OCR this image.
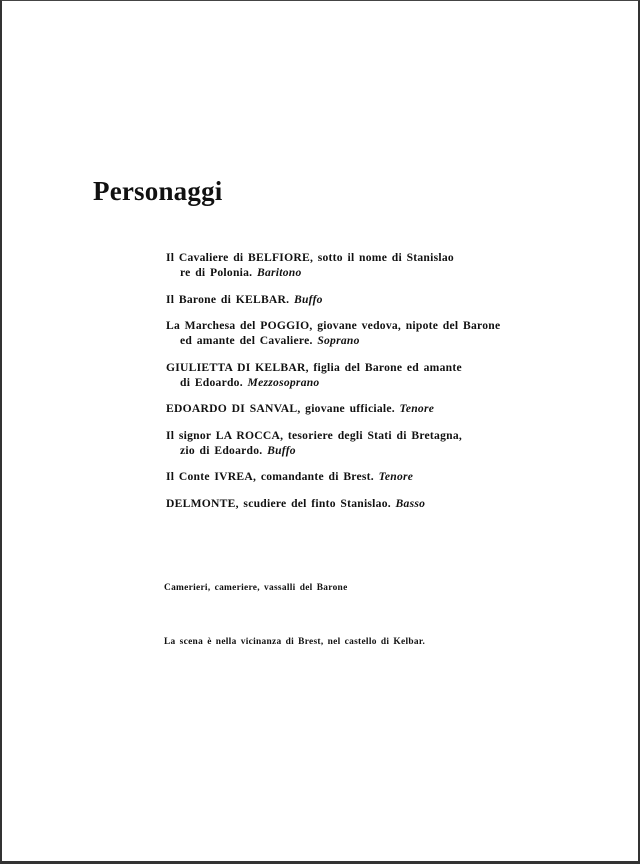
Personaggi
Il Cavaliere di BELFIORE, sotto il nome di Stanislao
re di Polonia. Baritono
Il Barone di KELBAR. Buffo
La Marchesa del POGGIO, giovane vedova, nipote del Barone
ed amante del Cavaliere. Soprano
GIULIETTA DI KELBAR, figlia del Barone ed amante
di Edoardo. Mezzosoprano
EDOARDO DI SANVAL, giovane ufficiale. Tenore
Il signor LA ROCCA, tesoriere degli Stati di Bretagna,
zio di Edoardo. Buffo
Il Conte IVREA, comandante di Brest. Tenore
DELMONTE, scudiere del finto Stanislao. Basso

Camerieri, cameriere, vassalli del Barone

La scena è nella vicinanza di Brest, nel castello di Kelbar.
